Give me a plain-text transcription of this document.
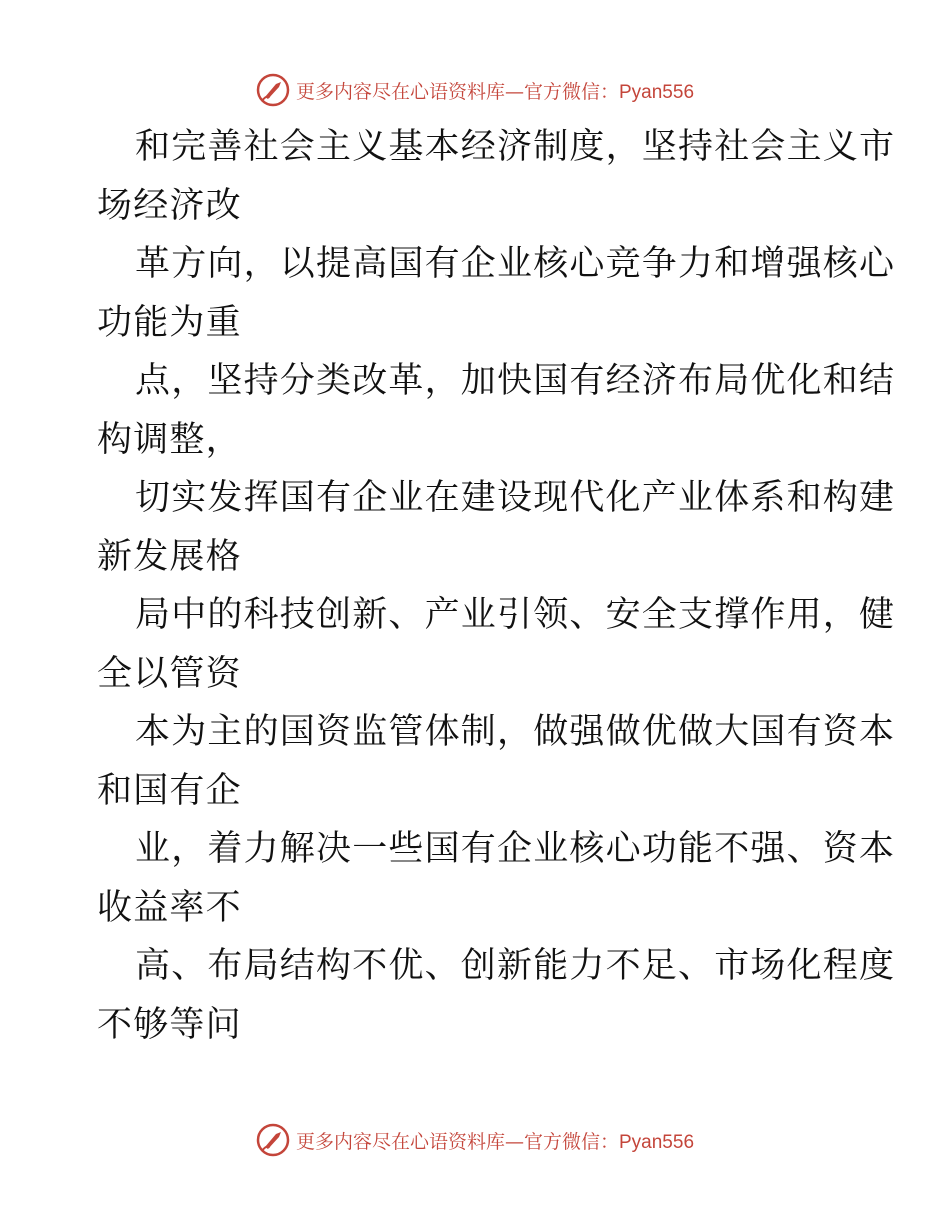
更多内容尽在心语资料库—官方微信：Pyan556
和完善社会主义基本经济制度，坚持社会主义市
场经济改
革方向，以提高国有企业核心竞争力和增强核心
功能为重
点，坚持分类改革，加快国有经济布局优化和结
构调整，
切实发挥国有企业在建设现代化产业体系和构建
新发展格
局中的科技创新、产业引领、安全支撑作用，健
全以管资
本为主的国资监管体制，做强做优做大国有资本
和国有企
业，着力解决一些国有企业核心功能不强、资本
收益率不
高、布局结构不优、创新能力不足、市场化程度
不够等问
更多内容尽在心语资料库—官方微信：Pyan556
